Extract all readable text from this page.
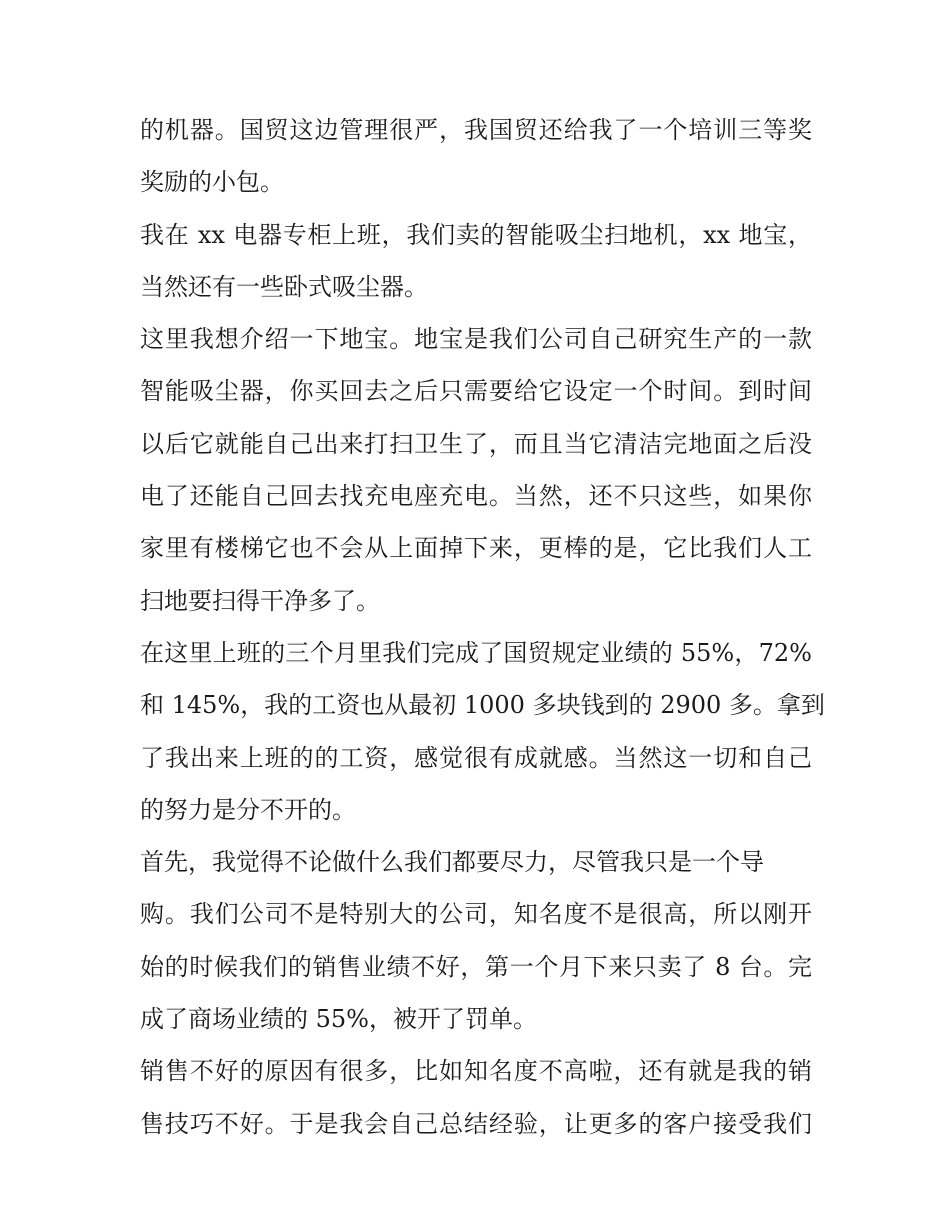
的机器。国贸这边管理很严，我国贸还给我了一个培训三等奖
奖励的小包。
我在 xx 电器专柜上班，我们卖的智能吸尘扫地机，xx 地宝，
当然还有一些卧式吸尘器。
这里我想介绍一下地宝。地宝是我们公司自己研究生产的一款
智能吸尘器，你买回去之后只需要给它设定一个时间。到时间
以后它就能自己出来打扫卫生了，而且当它清洁完地面之后没
电了还能自己回去找充电座充电。当然，还不只这些，如果你
家里有楼梯它也不会从上面掉下来，更棒的是，它比我们人工
扫地要扫得干净多了。
在这里上班的三个月里我们完成了国贸规定业绩的 55%，72%
和 145%，我的工资也从最初 1000 多块钱到的 2900 多。拿到
了我出来上班的的工资，感觉很有成就感。当然这一切和自己
的努力是分不开的。
首先，我觉得不论做什么我们都要尽力，尽管我只是一个导
购。我们公司不是特别大的公司，知名度不是很高，所以刚开
始的时候我们的销售业绩不好，第一个月下来只卖了 8 台。完
成了商场业绩的 55%，被开了罚单。
销售不好的原因有很多，比如知名度不高啦，还有就是我的销
售技巧不好。于是我会自己总结经验，让更多的客户接受我们
